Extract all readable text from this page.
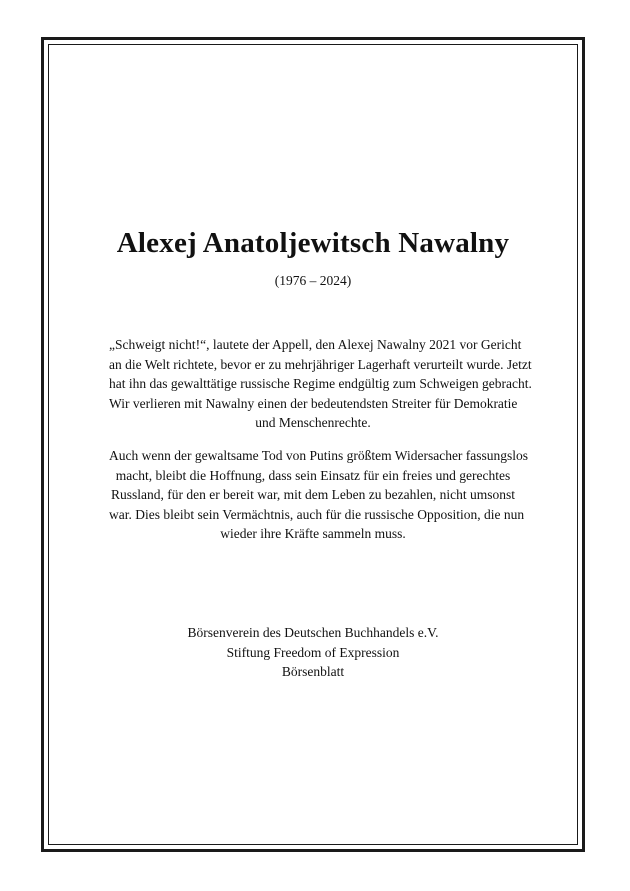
Alexej Anatoljewitsch Nawalny
(1976 – 2024)
„Schweigt nicht!“, lautete der Appell, den Alexej Nawalny 2021 vor Gericht
an die Welt richtete, bevor er zu mehrjähriger Lagerhaft verurteilt wurde. Jetzt
hat ihn das gewalttätige russische Regime endgültig zum Schweigen gebracht.
Wir verlieren mit Nawalny einen der bedeutendsten Streiter für Demokratie
und Menschenrechte.
Auch wenn der gewaltsame Tod von Putins größtem Widersacher fassungslos
macht, bleibt die Hoffnung, dass sein Einsatz für ein freies und gerechtes
Russland, für den er bereit war, mit dem Leben zu bezahlen, nicht umsonst
war. Dies bleibt sein Vermächtnis, auch für die russische Opposition, die nun
wieder ihre Kräfte sammeln muss.
Börsenverein des Deutschen Buchhandels e.V.
Stiftung Freedom of Expression
Börsenblatt
